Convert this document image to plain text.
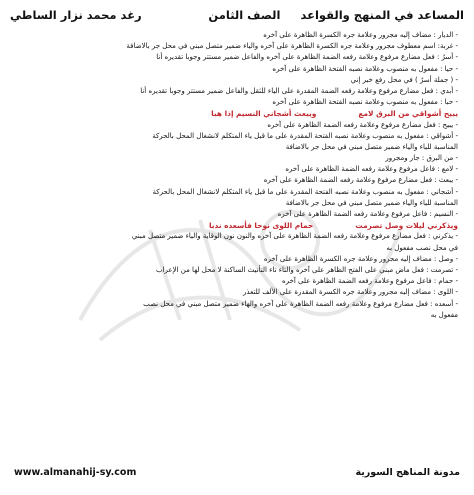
المساعد في المنهج والقواعد
الصف الثامن
رغد محمد نزار الساطي
- الديار : مضاف إليه مجرور وعلامة جره الكسرة الظاهرة على آخره
- غربة: اسم معطوف مجرور وعلامة جره الكسرة الظاهرة على آخره والياء ضمير متصل مبني في محل جر بالاضافة
- أسرٌ : فعل مضارع مرفوع وعلامة رفعه الضمة الظاهرة على آخره والفاعل ضمير مستتر وجوبا تقديره أنا
- حيا : مفعول به منصوب وعلامة نصبه الفتحة الظاهرة على آخره
- ( جملة أسرٌ ) في محل رفع خبر إني
- أبدي : فعل مضارع مرفوع وعلامة رفعه الضمة المقدرة على الياء للثقل والفاعل ضمير مستتر وجوبا تقديره أنا
- حبا : مفعول به منصوب وعلامة نصبه الفتحة الظاهرة على آخره
يبيح أشواقي من البرق لامع
ويبعث أشجاني النسيم إذا هبا
- يبيح : فعل مضارع مرفوع وعلامة رفعه الضمة الظاهرة على آخره
- أشواقي : مفعول به منصوب وعلامة نصبه الفتحة المقدرة على ما قبل ياء المتكلم لانشغال المحل بالحركة
المناسبة للياء والياء ضمير متصل مبني في محل جر بالاضافة
- من البرق : جار ومجرور
- لامع : فاعل مرفوع وعلامة رفعه الضمة الظاهرة على آخره
- يبعث : فعل مضارع مرفوع وعلامة رفعه الضمة الظاهرة على آخره
- أشجاني : مفعول به منصوب وعلامة نصبه الفتحة المقدرة على ما قبل ياء المتكلم لانشغال المحل بالحركة
المناسبة للياء والياء ضمير متصل مبني في محل جر بالاضافة
- النسيم : فاعل مرفوع وعلامة رفعه الضمة الظاهرة على آخره
ويذكرني ليلات وصل تصرمت
حمام اللوى نوحا فأسعده ندبا
- يذكرني : فعل مضارع مرفوع وعلامة رفعه الضمة الظاهرة على آخره والنون نون الوقاية والياء ضمير متصل مبني
في محل نصب مفعول به
- وصل : مضاف إليه مجرور وعلامة جره الكسرة الظاهرة على آخره
- تصرمت : فعل ماض مبني على الفتح الظاهر على آخره والتاء تاء التأنيث الساكنة لا محل لها من الإعراب
- حمام : فاعل مرفوع وعلامة رفعه الضمة الظاهرة على آخره
- اللوى : مضاف إليه مجرور وعلامة جره الكسرة المقدرة على الألف للتعذر
- أسعده : فعل مضارع مرفوع وعلامة رفعه الضمة الظاهرة على آخره والهاء ضمير متصل مبني في محل نصب
مفعول به
www.almanahij-sy.com	مدونة المناهج السورية
